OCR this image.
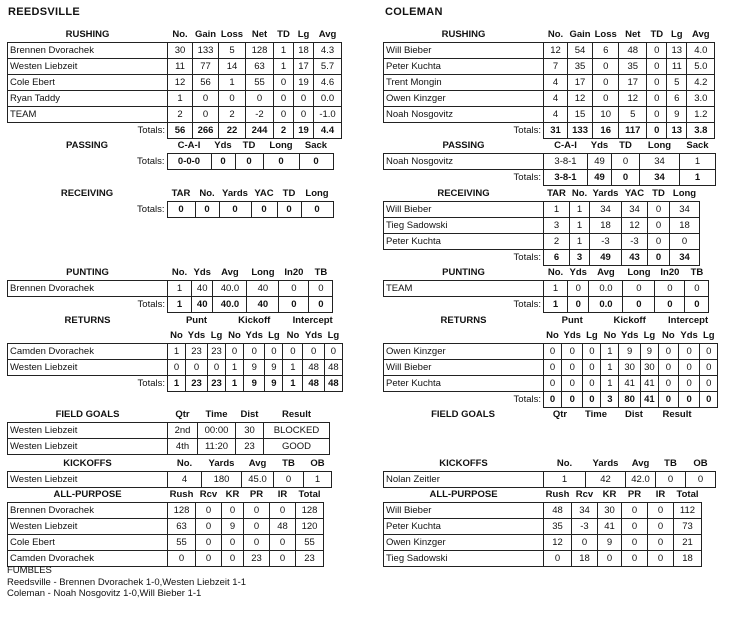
REEDSVILLE	COLEMAN
RUSHING	No.	Gain	Loss	Net	TD	Lg	Avg
Brennen Dvorachek	30	133	5	128	1	18	4.3
Westen Liebzeit	11	77	14	63	1	17	5.7
Cole Ebert	12	56	1	55	0	19	4.6
Ryan Taddy	1	0	0	0	0	0	0.0
TEAM	2	0	2	-2	0	0	-1.0
Totals:	56	266	22	244	2	19	4.4
PASSING	C-A-I	Yds	TD	Long	Sack
Totals:	0-0-0	0	0	0	0
RECEIVING	TAR	No.	Yards	YAC	TD	Long
Totals:	0	0	0	0	0	0
PUNTING	No.	Yds	Avg	Long	In20	TB
Brennen Dvorachek	1	40	40.0	40	0	0
Totals:	1	40	40.0	40	0	0
RETURNS	Punt			Kickoff			Intercept		
	No	Yds	Lg	No	Yds	Lg	No	Yds	Lg
Camden Dvorachek	1	23	23	0	0	0	0	0	0
Westen Liebzeit	0	0	0	1	9	9	1	48	48
Totals:	1	23	23	1	9	9	1	48	48
FIELD GOALS	Qtr	Time	Dist	Result
Westen Liebzeit	2nd	00:00	30	BLOCKED
Westen Liebzeit	4th	11:20	23	GOOD
KICKOFFS	No.	Yards	Avg	TB	OB
Westen Liebzeit	4	180	45.0	0	1
ALL-PURPOSE	Rush	Rcv	KR	PR	IR	Total
Brennen Dvorachek	128	0	0	0	0	128
Westen Liebzeit	63	0	9	0	48	120
Cole Ebert	55	0	0	0	0	55
Camden Dvorachek	0	0	0	23	0	23
RUSHING	No.	Gain	Loss	Net	TD	Lg	Avg
Will Bieber	12	54	6	48	0	13	4.0
Peter Kuchta	7	35	0	35	0	11	5.0
Trent Mongin	4	17	0	17	0	5	4.2
Owen Kinzger	4	12	0	12	0	6	3.0
Noah Nosgovitz	4	15	10	5	0	9	1.2
Totals:	31	133	16	117	0	13	3.8
PASSING	C-A-I	Yds	TD	Long	Sack
Noah Nosgovitz	3-8-1	49	0	34	1
Totals:	3-8-1	49	0	34	1
RECEIVING	TAR	No.	Yards	YAC	TD	Long
Will Bieber	1	1	34	34	0	34
Tieg Sadowski	3	1	18	12	0	18
Peter Kuchta	2	1	-3	-3	0	0
Totals:	6	3	49	43	0	34
PUNTING	No.	Yds	Avg	Long	In20	TB
TEAM	1	0	0.0	0	0	0
Totals:	1	0	0.0	0	0	0
RETURNS	Punt			Kickoff			Intercept		
	No	Yds	Lg	No	Yds	Lg	No	Yds	Lg
Owen Kinzger	0	0	0	1	9	9	0	0	0
Will Bieber	0	0	0	1	30	30	0	0	0
Peter Kuchta	0	0	0	1	41	41	0	0	0
Totals:	0	0	0	3	80	41	0	0	0
FIELD GOALS	Qtr	Time	Dist	Result
KICKOFFS	No.	Yards	Avg	TB	OB
Nolan Zeitler	1	42	42.0	0	0
ALL-PURPOSE	Rush	Rcv	KR	PR	IR	Total
Will Bieber	48	34	30	0	0	112
Peter Kuchta	35	-3	41	0	0	73
Owen Kinzger	12	0	9	0	0	21
Tieg Sadowski	0	18	0	0	0	18
FUMBLES
Reedsville - Brennen Dvorachek 1-0,Westen Liebzeit 1-1
Coleman - Noah Nosgovitz 1-0,Will Bieber 1-1
